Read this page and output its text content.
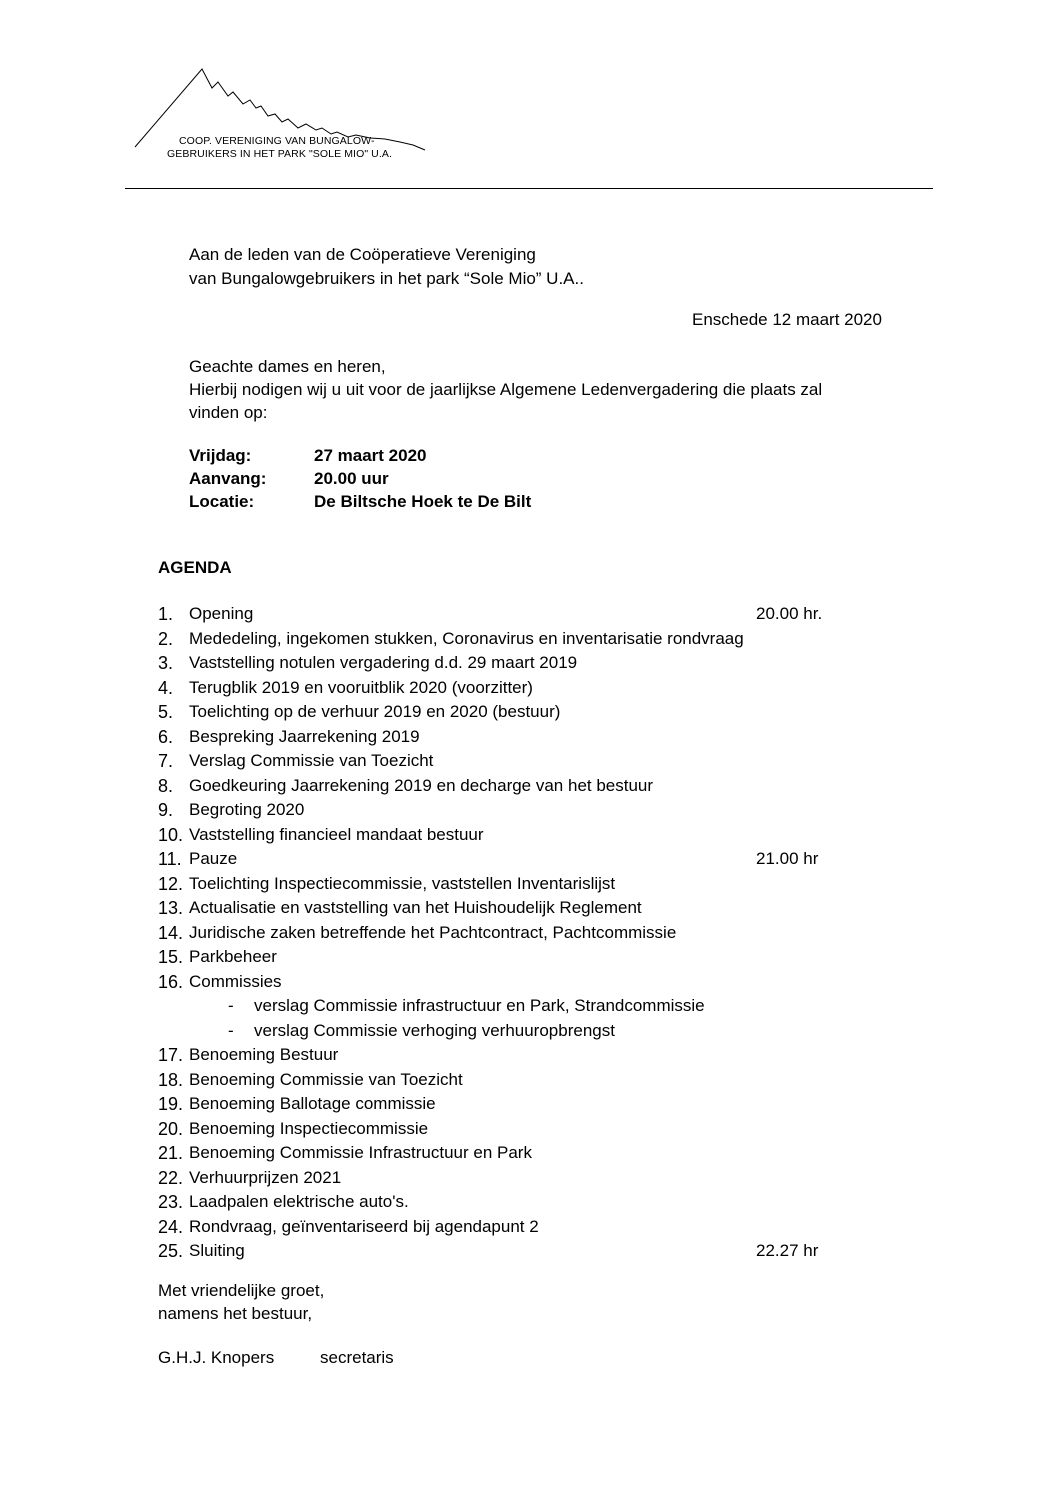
COOP. VERENIGING VAN BUNGALOW-
GEBRUIKERS IN HET PARK "SOLE MIO" U.A.
Aan de leden van de Coöperatieve Vereniging
van Bungalowgebruikers in het park “Sole Mio” U.A..
Enschede 12 maart 2020
Geachte dames en heren,
Hierbij nodigen wij u uit voor de jaarlijkse Algemene Ledenvergadering die plaats zal
vinden op:
Vrijdag:	27 maart 2020
Aanvang:	20.00 uur
Locatie:	De Biltsche Hoek te De Bilt
AGENDA
1. Opening	20.00 hr.
2. Mededeling, ingekomen stukken, Coronavirus en inventarisatie rondvraag
3. Vaststelling notulen vergadering d.d. 29 maart 2019
4. Terugblik 2019 en vooruitblik 2020 (voorzitter)
5. Toelichting op de verhuur 2019 en 2020 (bestuur)
6. Bespreking Jaarrekening 2019
7. Verslag Commissie van Toezicht
8. Goedkeuring Jaarrekening 2019 en decharge van het bestuur
9. Begroting 2020
10. Vaststelling financieel mandaat bestuur
11. Pauze	21.00 hr
12. Toelichting Inspectiecommissie, vaststellen Inventarislijst
13. Actualisatie en vaststelling van het Huishoudelijk Reglement
14. Juridische zaken betreffende het Pachtcontract, Pachtcommissie
15. Parkbeheer
16. Commissies
- verslag Commissie infrastructuur en Park, Strandcommissie
- verslag Commissie verhoging verhuuropbrengst
17. Benoeming Bestuur
18. Benoeming Commissie van Toezicht
19. Benoeming Ballotage commissie
20. Benoeming Inspectiecommissie
21. Benoeming Commissie Infrastructuur en Park
22. Verhuurprijzen 2021
23. Laadpalen elektrische auto's.
24. Rondvraag, geïnventariseerd bij agendapunt 2
25. Sluiting	22.27 hr
Met vriendelijke groet,
namens het bestuur,
G.H.J. Knopers	secretaris
